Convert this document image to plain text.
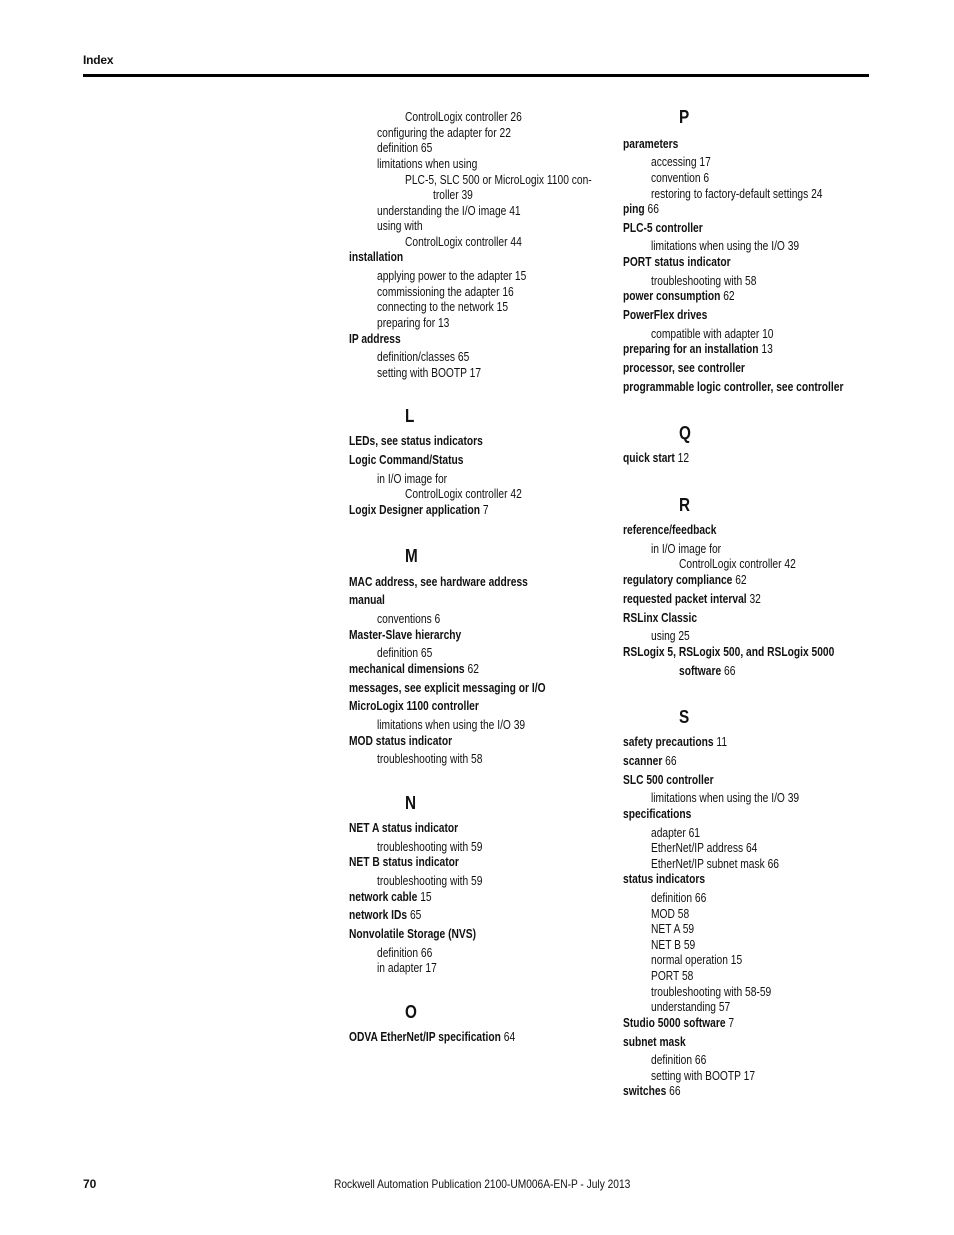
Index
ControlLogix controller 26
configuring the adapter for 22
definition 65
limitations when using
PLC-5, SLC 500 or MicroLogix 1100 con-
troller 39
understanding the I/O image 41
using with
ControlLogix controller 44
installation
applying power to the adapter 15
commissioning the adapter 16
connecting to the network 15
preparing for 13
IP address
definition/classes 65
setting with BOOTP 17
L
LEDs, see status indicators
Logic Command/Status
in I/O image for
ControlLogix controller 42
Logix Designer application 7
M
MAC address, see hardware address
manual
conventions 6
Master-Slave hierarchy
definition 65
mechanical dimensions 62
messages, see explicit messaging or I/O
MicroLogix 1100 controller
limitations when using the I/O 39
MOD status indicator
troubleshooting with 58
N
NET A status indicator
troubleshooting with 59
NET B status indicator
troubleshooting with 59
network cable 15
network IDs 65
Nonvolatile Storage (NVS)
definition 66
in adapter 17
O
ODVA EtherNet/IP specification 64
P
parameters
accessing 17
convention 6
restoring to factory-default settings 24
ping 66
PLC-5 controller
limitations when using the I/O 39
PORT status indicator
troubleshooting with 58
power consumption 62
PowerFlex drives
compatible with adapter 10
preparing for an installation 13
processor, see controller
programmable logic controller, see controller
Q
quick start 12
R
reference/feedback
in I/O image for
ControlLogix controller 42
regulatory compliance 62
requested packet interval 32
RSLinx Classic
using 25
RSLogix 5, RSLogix 500, and RSLogix 5000
software 66
S
safety precautions 11
scanner 66
SLC 500 controller
limitations when using the I/O 39
specifications
adapter 61
EtherNet/IP address 64
EtherNet/IP subnet mask 66
status indicators
definition 66
MOD 58
NET A 59
NET B 59
normal operation 15
PORT 58
troubleshooting with 58-59
understanding 57
Studio 5000 software 7
subnet mask
definition 66
setting with BOOTP 17
switches 66
70	Rockwell Automation Publication 2100-UM006A-EN-P - July 2013
